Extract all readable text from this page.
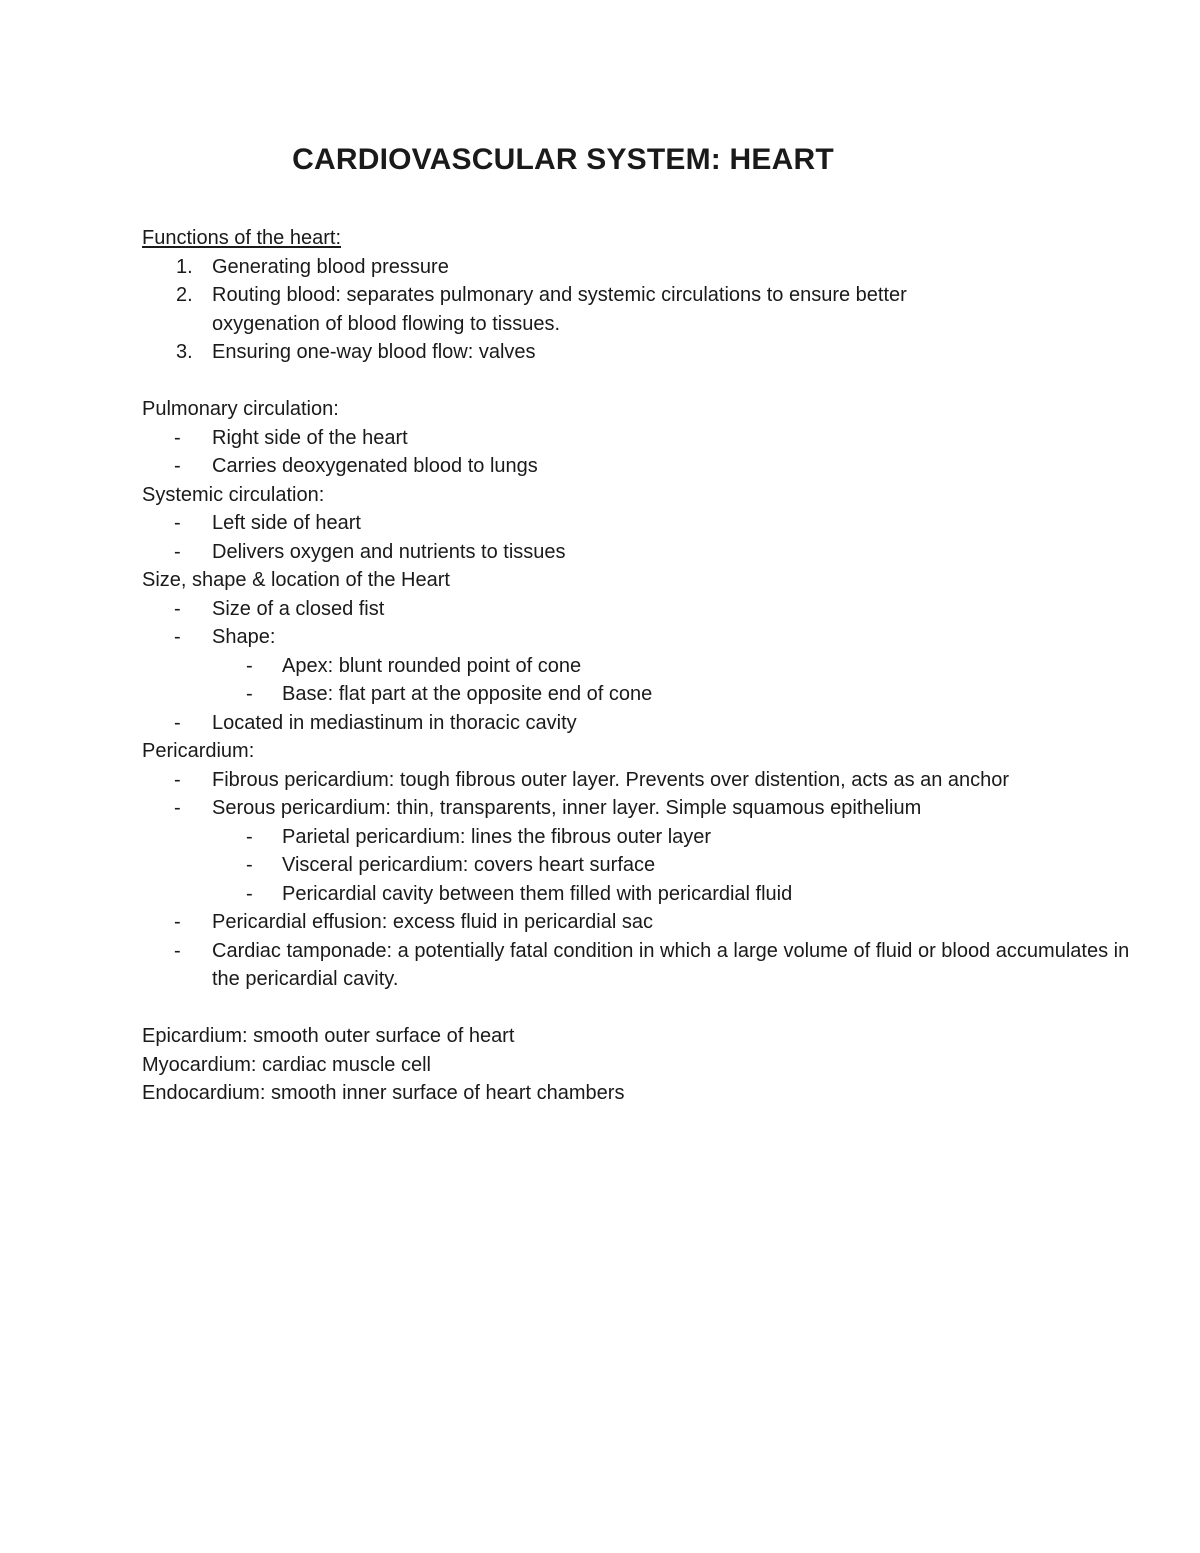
CARDIOVASCULAR SYSTEM: HEART

Functions of the heart:

1. Generating blood pressure
2. Routing blood: separates pulmonary and systemic circulations to ensure better oxygenation of blood flowing to tissues.
3. Ensuring one-way blood flow: valves

Pulmonary circulation:

-	Right side of the heart
-	Carries deoxygenated blood to lungs

Systemic circulation:

-	Left side of heart
-	Delivers oxygen and nutrients to tissues

Size, shape & location of the Heart

-	Size of a closed fist
-	Shape:
-	Apex: blunt rounded point of cone
-	Base: flat part at the opposite end of cone
-	Located in mediastinum in thoracic cavity

Pericardium:

-	Fibrous pericardium: tough fibrous outer layer. Prevents over distention, acts as an anchor
-	Serous pericardium: thin, transparents, inner layer. Simple squamous epithelium
-	Parietal pericardium: lines the fibrous outer layer
-	Visceral pericardium: covers heart surface
-	Pericardial cavity between them filled with pericardial fluid
-	Pericardial effusion: excess fluid in pericardial sac
-	Cardiac tamponade: a potentially fatal condition in which a large volume of fluid or blood accumulates in the pericardial cavity.

Epicardium: smooth outer surface of heart

Myocardium: cardiac muscle cell

Endocardium: smooth inner surface of heart chambers
